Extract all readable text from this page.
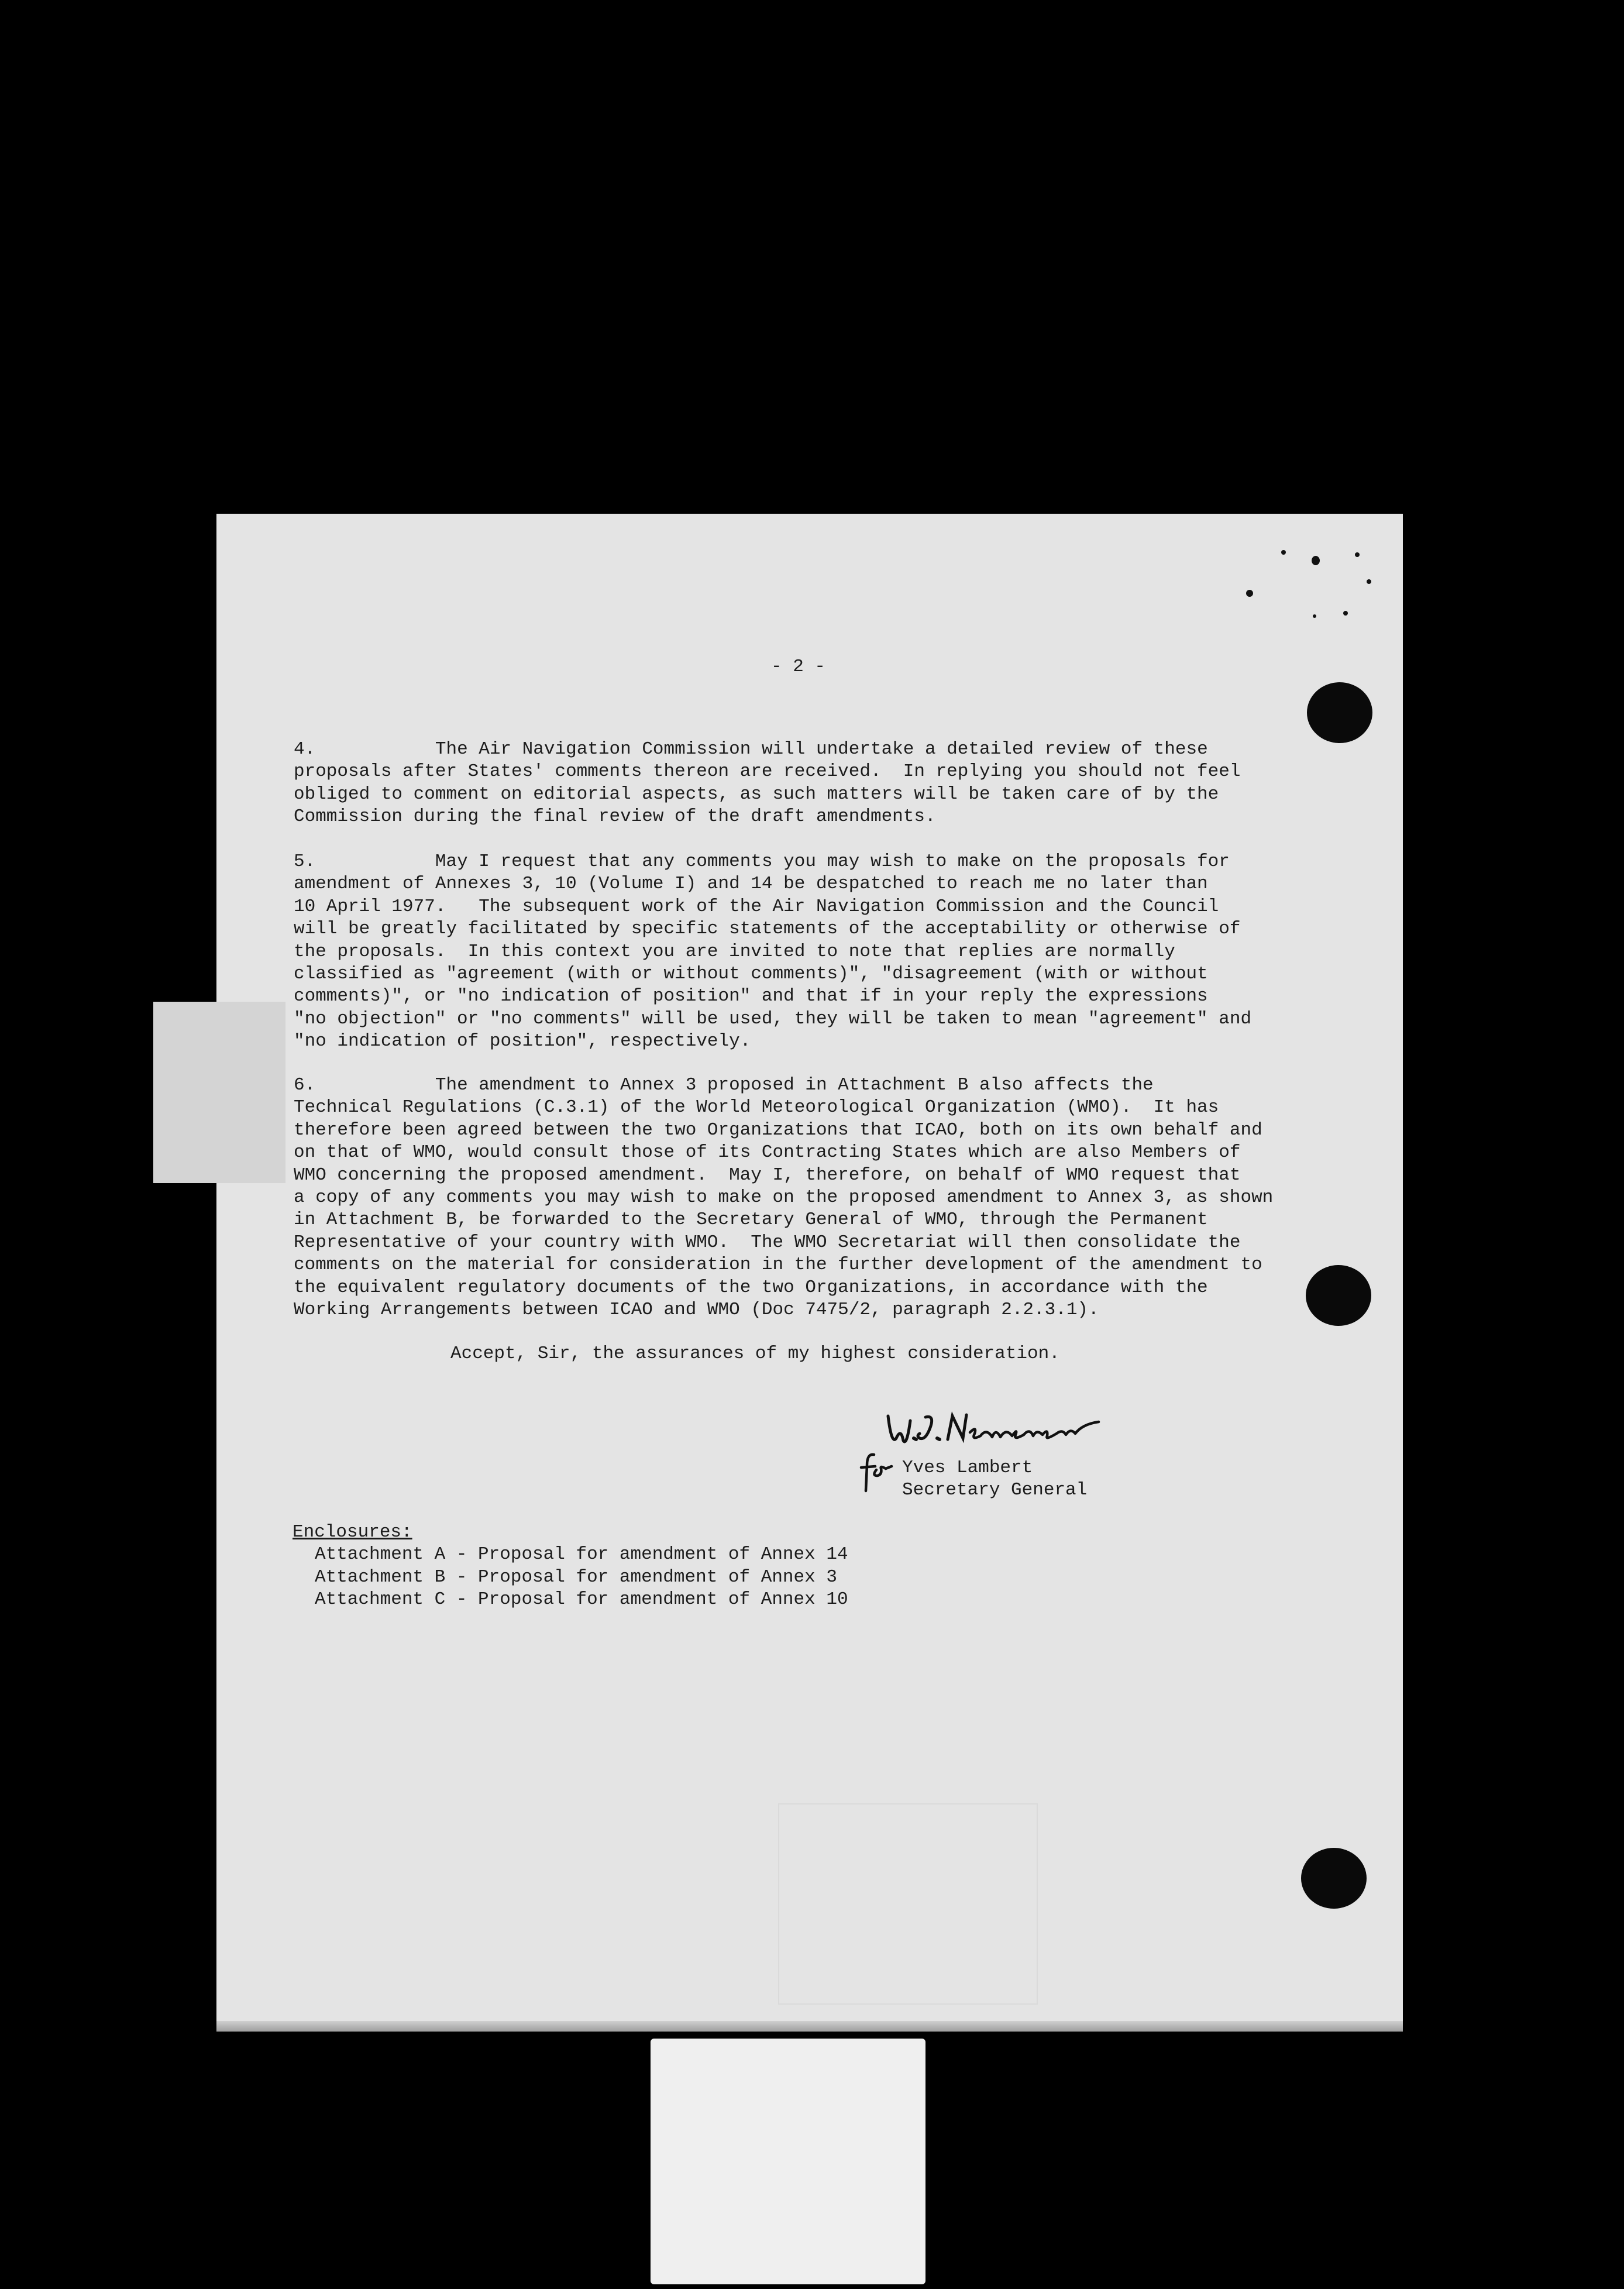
- 2 -
4.	The Air Navigation Commission will undertake a detailed review of these
proposals after States' comments thereon are received.  In replying you should not feel
obliged to comment on editorial aspects, as such matters will be taken care of by the
Commission during the final review of the draft amendments.
5.	May I request that any comments you may wish to make on the proposals for
amendment of Annexes 3, 10 (Volume I) and 14 be despatched to reach me no later than
10 April 1977.   The subsequent work of the Air Navigation Commission and the Council
will be greatly facilitated by specific statements of the acceptability or otherwise of
the proposals.  In this context you are invited to note that replies are normally
classified as "agreement (with or without comments)", "disagreement (with or without
comments)", or "no indication of position" and that if in your reply the expressions
"no objection" or "no comments" will be used, they will be taken to mean "agreement" and
"no indication of position", respectively.
6.	The amendment to Annex 3 proposed in Attachment B also affects the
Technical Regulations (C.3.1) of the World Meteorological Organization (WMO).  It has
therefore been agreed between the two Organizations that ICAO, both on its own behalf and
on that of WMO, would consult those of its Contracting States which are also Members of
WMO concerning the proposed amendment.  May I, therefore, on behalf of WMO request that
a copy of any comments you may wish to make on the proposed amendment to Annex 3, as shown
in Attachment B, be forwarded to the Secretary General of WMO, through the Permanent
Representative of your country with WMO.  The WMO Secretariat will then consolidate the
comments on the material for consideration in the further development of the amendment to
the equivalent regulatory documents of the two Organizations, in accordance with the
Working Arrangements between ICAO and WMO (Doc 7475/2, paragraph 2.2.3.1).
Accept, Sir, the assurances of my highest consideration.
Yves Lambert
Secretary General
Enclosures:
Attachment A - Proposal for amendment of Annex 14
Attachment B - Proposal for amendment of Annex 3
Attachment C - Proposal for amendment of Annex 10
